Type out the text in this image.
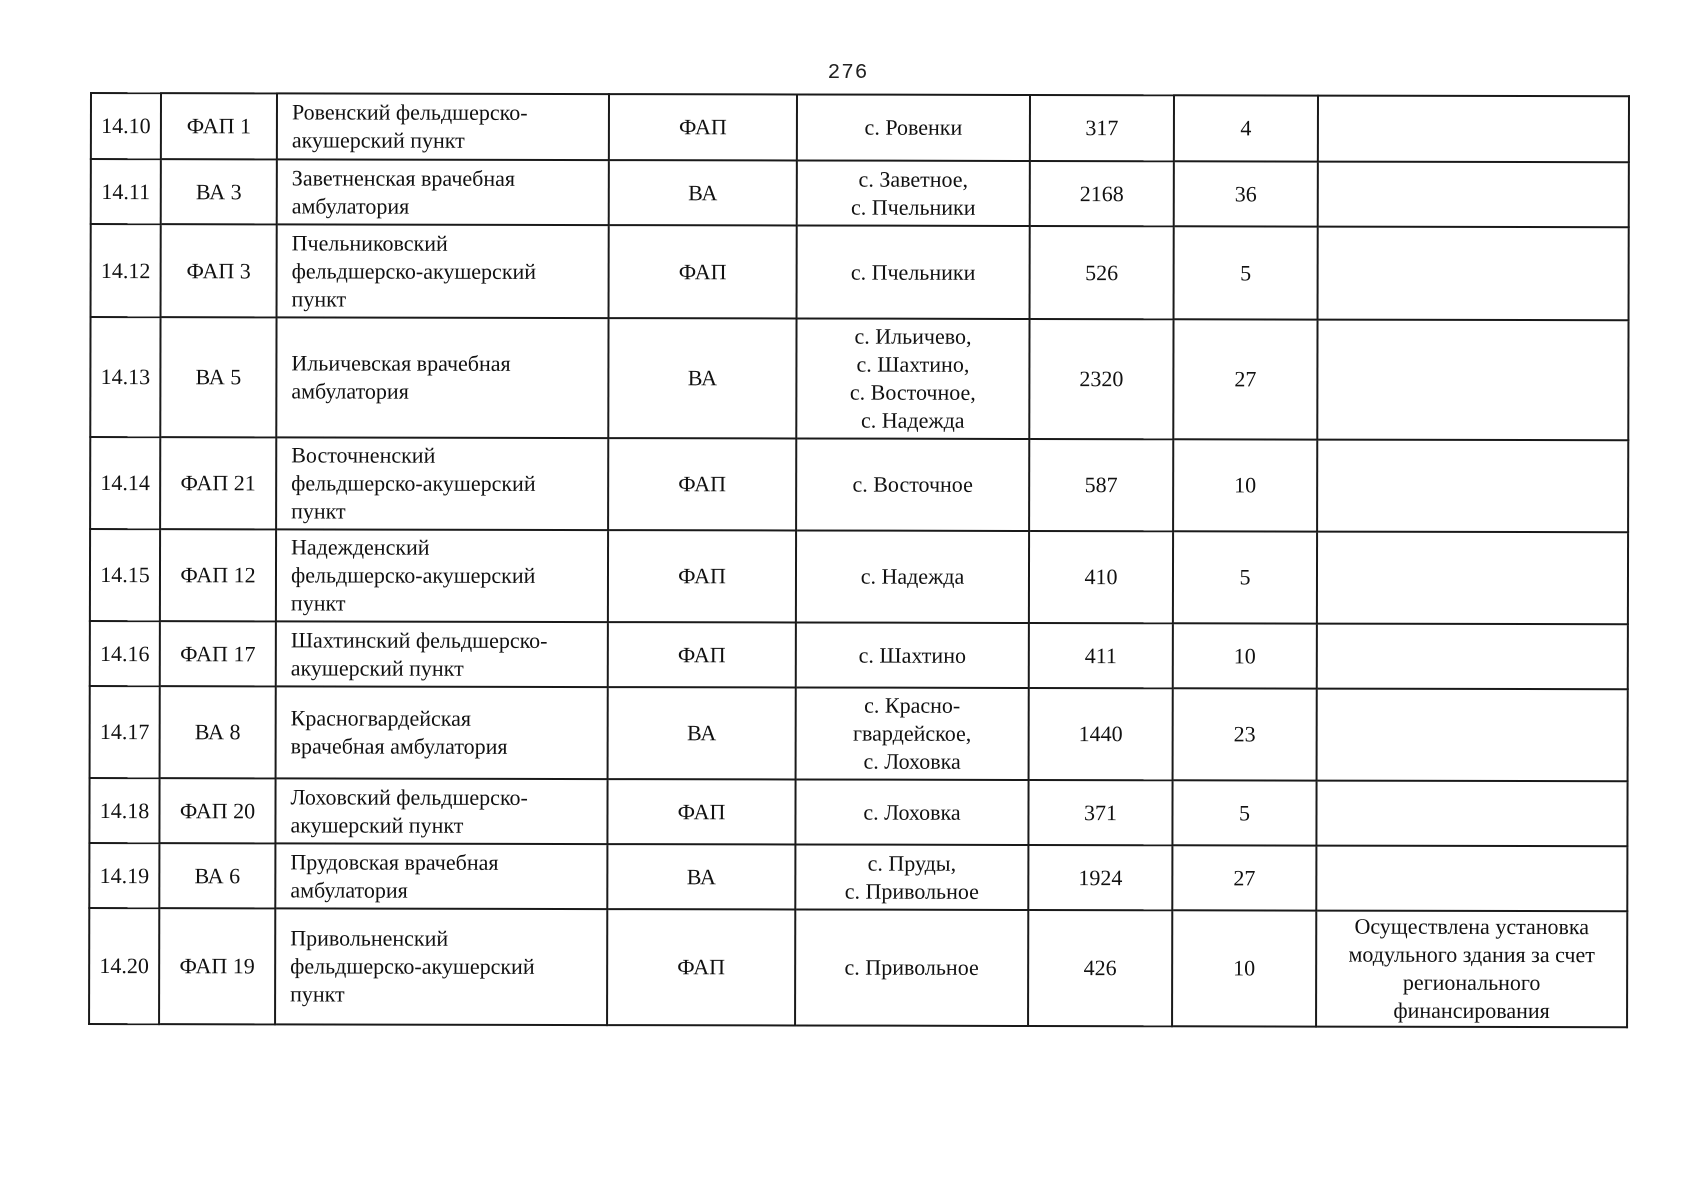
276
14.10	ФАП 1	Ровенский фельдшерско-
акушерский пункт	ФАП	с. Ровенки	317	4	
14.11	ВА 3	Заветненская врачебная
амбулатория	ВА	с. Заветное,
с. Пчельники	2168	36	
14.12	ФАП 3	Пчельниковский
фельдшерско-акушерский
пункт	ФАП	с. Пчельники	526	5	
14.13	ВА 5	Ильичевская врачебная
амбулатория	ВА	с. Ильичево,
с. Шахтино,
с. Восточное,
с. Надежда	2320	27	
14.14	ФАП 21	Восточненский
фельдшерско-акушерский
пункт	ФАП	с. Восточное	587	10	
14.15	ФАП 12	Надежденский
фельдшерско-акушерский
пункт	ФАП	с. Надежда	410	5	
14.16	ФАП 17	Шахтинский фельдшерско-
акушерский пункт	ФАП	с. Шахтино	411	10	
14.17	ВА 8	Красногвардейская
врачебная амбулатория	ВА	с. Красно-
гвардейское,
с. Лоховка	1440	23	
14.18	ФАП 20	Лоховский фельдшерско-
акушерский пункт	ФАП	с. Лоховка	371	5	
14.19	ВА 6	Прудовская врачебная
амбулатория	ВА	с. Пруды,
с. Привольное	1924	27	
14.20	ФАП 19	Привольненский
фельдшерско-акушерский
пункт	ФАП	с. Привольное	426	10	Осуществлена установка
модульного здания за счет
регионального
финансирования
